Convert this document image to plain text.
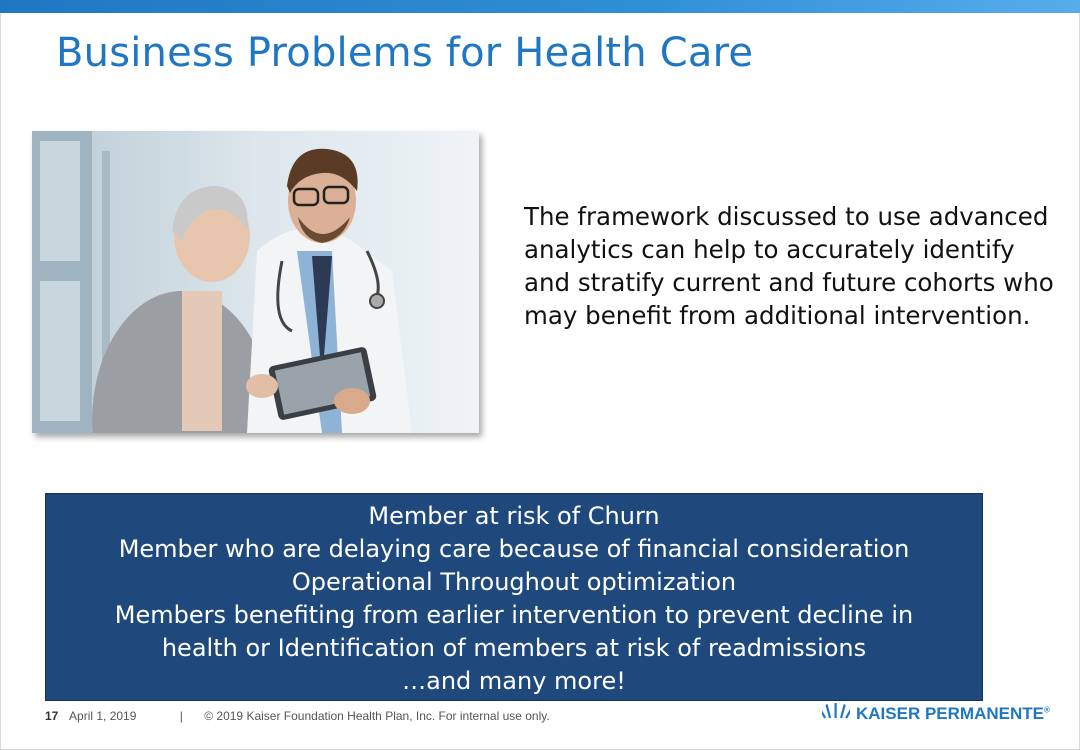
Business Problems for Health Care
The framework discussed to use advanced analytics can help to accurately identify and stratify current and future cohorts who may benefit from additional intervention.
Member at risk of Churn
Member who are delaying care because of financial consideration
Operational Throughout optimization
Members benefiting from earlier intervention to prevent decline in
health or Identification of members at risk of readmissions
…and many more!
17 April 1, 2019	| © 2019 Kaiser Foundation Health Plan, Inc. For internal use only.	KAISER PERMANENTE®
